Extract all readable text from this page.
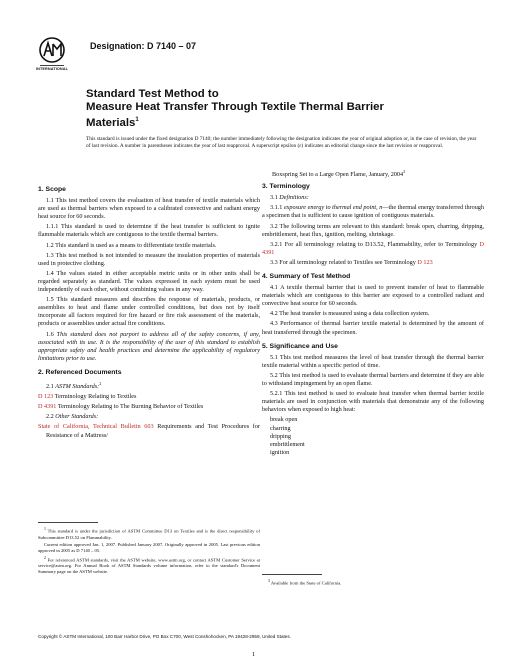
INTERNATIONAL
Designation: D 7140 – 07
Standard Test Method to
Measure Heat Transfer Through Textile Thermal Barrier
Materials$^1$
This standard is issued under the fixed designation D 7140; the number immediately following the designation indicates the year of original adoption or, in the case of revision, the year of last revision. A number in parentheses indicates the year of last reapproval. A superscript epsilon (ε) indicates an editorial change since the last revision or reapproval.
1. Scope

1.1 This test method covers the evaluation of heat transfer of textile materials which are used as thermal barriers when exposed to a calibrated convective and radiant energy heat source for 60 seconds.

1.1.1 This standard is used to determine if the heat transfer is sufficient to ignite flammable materials which are contiguous to the textile thermal barriers.

1.2 This standard is used as a means to differentiate textile materials.

1.3 This test method is not intended to measure the insulation properties of materials used in protective clothing.

1.4 The values stated in either acceptable metric units or in other units shall be regarded separately as standard. The values expressed in each system must be used independently of each other, without combining values in any way.

1.5 This standard measures and describes the response of materials, products, or assemblies to heat and flame under controlled conditions, but does not by itself incorporate all factors required for fire hazard or fire risk assessment of the materials, products or assemblies under actual fire conditions.

1.6 This standard does not purport to address all of the safety concerns, if any, associated with its use. It is the responsibility of the user of this standard to establish appropriate safety and health practices and determine the applicability of regulatory limitations prior to use.

2. Referenced Documents

2.1 ASTM Standards:$^2$

D 123 Terminology Relating to Textiles

D 4391 Terminology Relating to The Burning Behavior of Textiles

2.2 Other Standards:

State of California, Technical Bulletin 603 Requirements and Test Procedures for Resistance of a Mattress/

$^1$ This standard is under the jurisdiction of ASTM Committee D13 on Textiles and is the direct responsibility of Subcommittee D13.52 on Flammability.

Current edition approved Jan. 1, 2007. Published January 2007. Originally approved in 2005. Last previous edition approved in 2005 as D 7140 – 05.

$^2$ For referenced ASTM standards, visit the ASTM website, www.astm.org, or contact ASTM Customer Service at service@astm.org. For Annual Book of ASTM Standards volume information, refer to the standard's Document Summary page on the ASTM website.

Boxspring Set to a Large Open Flame, January, 2004$^3$

3. Terminology

3.1 Definitions:

3.1.1 exposure energy to thermal end point, n—the thermal energy transferred through a specimen that is sufficient to cause ignition of contiguous materials.

3.2 The following terms are relevant to this standard: break open, charring, dripping, embrittlement, heat flux, ignition, melting, shrinkage.

3.2.1 For all terminology relating to D13.52, Flammability, refer to Terminology D 4391

3.3 For all terminology related to Textiles see Terminology D 123

4. Summary of Test Method

4.1 A textile thermal barrier that is used to prevent transfer of heat to flammable materials which are contiguous to this barrier are exposed to a controlled radiant and convective heat source for 60 seconds.

4.2 The heat transfer is measured using a data collection system.

4.3 Performance of thermal barrier textile material is determined by the amount of heat transferred through the specimen.

5. Significance and Use

5.1 This test method measures the level of heat transfer through the thermal barrier textile material within a specific period of time.

5.2 This test method is used to evaluate thermal barriers and determine if they are able to withstand impingement by an open flame.

5.2.1 This test method is used to evaluate heat transfer when thermal barrier textile materials are used in conjunction with materials that demonstrate any of the following behaviors when exposed to high heat:

break open
charring
dripping
embrittlement
ignition

$^3$ Available from the State of California.

Copyright © ASTM International, 100 Barr Harbor Drive, PO Box C700, West Conshohocken, PA 19428-2959, United States.
1
